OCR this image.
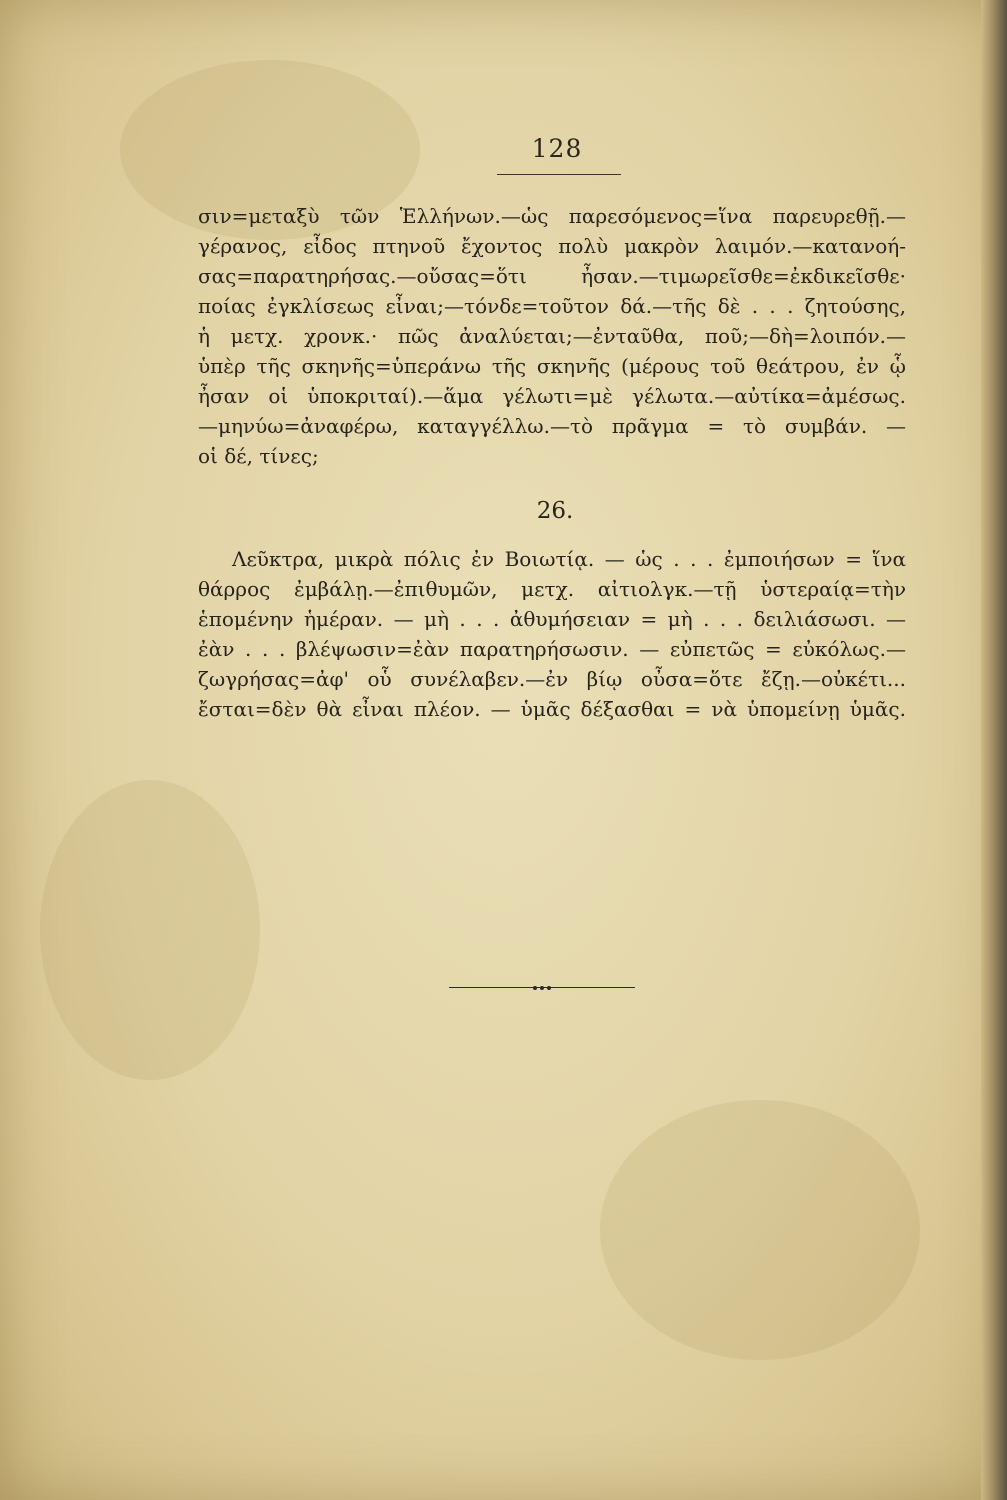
128
σιν=μεταξὺ τῶν Ἑλλήνων.—ὡς παρεσόμενος=ἵνα παρευρεθῇ.—
γέρανος, εἶδος πτηνοῦ ἔχοντος πολὺ μακρὸν λαιμόν.—κατανοή-
σας=παρατηρήσας.—οὔσας=ὅτι ἦσαν.—τιμωρεῖσθε=ἐκδικεῖσθε·
ποίας ἐγκλίσεως εἶναι;—τόνδε=τοῦτον δά.—τῆς δὲ . . . ζητούσης,
ἡ μετχ. χρονκ.· πῶς ἀναλύεται;—ἐνταῦθα, ποῦ;—δὴ=λοιπόν.—
ὑπὲρ τῆς σκηνῆς=ὑπεράνω τῆς σκηνῆς (μέρους τοῦ θεάτρου, ἐν ᾧ
ἦσαν οἱ ὑποκριταί).—ἅμα γέλωτι=μὲ γέλωτα.—αὐτίκα=ἀμέσως.
—μηνύω=ἀναφέρω, καταγγέλλω.—τὸ πρᾶγμα = τὸ συμβάν. —
οἱ δέ, τίνες;
26.
Λεῦκτρα, μικρὰ πόλις ἐν Βοιωτίᾳ. — ὡς . . . ἐμποιήσων = ἵνα
θάρρος ἐμβάλῃ.—ἐπιθυμῶν, μετχ. αἰτιολγκ.—τῇ ὑστεραίᾳ=τὴν
ἑπομένην ἡμέραν. — μὴ . . . ἀθυμήσειαν = μὴ . . . δειλιάσωσι. —
ἐὰν . . . βλέψωσιν=ἐὰν παρατηρήσωσιν. — εὐπετῶς = εὐκόλως.—
ζωγρήσας=ἀφ' οὗ συνέλαβεν.—ἐν βίῳ οὖσα=ὅτε ἔζῃ.—οὐκέτι...
ἔσται=δὲν θὰ εἶναι πλέον. — ὑμᾶς δέξασθαι = νὰ ὑπομείνῃ ὑμᾶς.
